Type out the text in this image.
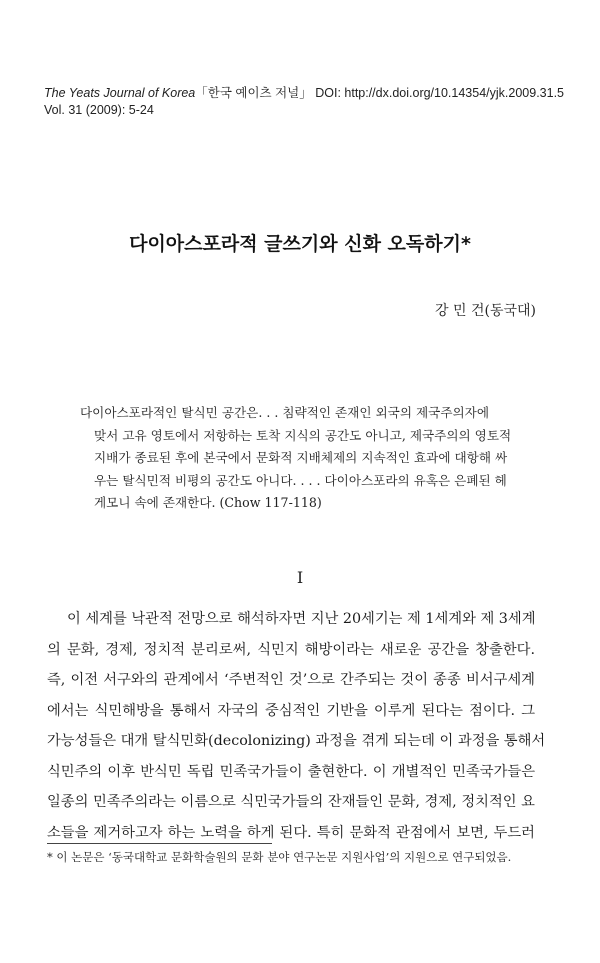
The Yeats Journal of Korea「한국 예이츠 저널」 DOI: http://dx.doi.org/10.14354/yjk.2009.31.5
Vol. 31 (2009): 5-24
다이아스포라적 글쓰기와 신화 오독하기*
강 민 건(동국대)
다이아스포라적인 탈식민 공간은. . . 침략적인 존재인 외국의 제국주의자에
맞서 고유 영토에서 저항하는 토착 지식의 공간도 아니고, 제국주의의 영토적
지배가 종료된 후에 본국에서 문화적 지배체제의 지속적인 효과에 대항해 싸
우는 탈식민적 비평의 공간도 아니다. . . . 다이아스포라의 유혹은 은폐된 헤
게모니 속에 존재한다. (Chow 117-118)
I
이 세계를 낙관적 전망으로 해석하자면 지난 20세기는 제 1세계와 제 3세계
의 문화, 경제, 정치적 분리로써, 식민지 해방이라는 새로운 공간을 창출한다.
즉, 이전 서구와의 관계에서 ‘주변적인 것’으로 간주되는 것이 종종 비서구세계
에서는 식민해방을 통해서 자국의 중심적인 기반을 이루게 된다는 점이다. 그
가능성들은 대개 탈식민화(decolonizing) 과정을 겪게 되는데 이 과정을 통해서
식민주의 이후 반식민 독립 민족국가들이 출현한다. 이 개별적인 민족국가들은
일종의 민족주의라는 이름으로 식민국가들의 잔재들인 문화, 경제, 정치적인 요
소들을 제거하고자 하는 노력을 하게 된다. 특히 문화적 관점에서 보면, 두드러
* 이 논문은 ‘동국대학교 문화학술원의 문화 분야 연구논문 지원사업’의 지원으로 연구되었음.
